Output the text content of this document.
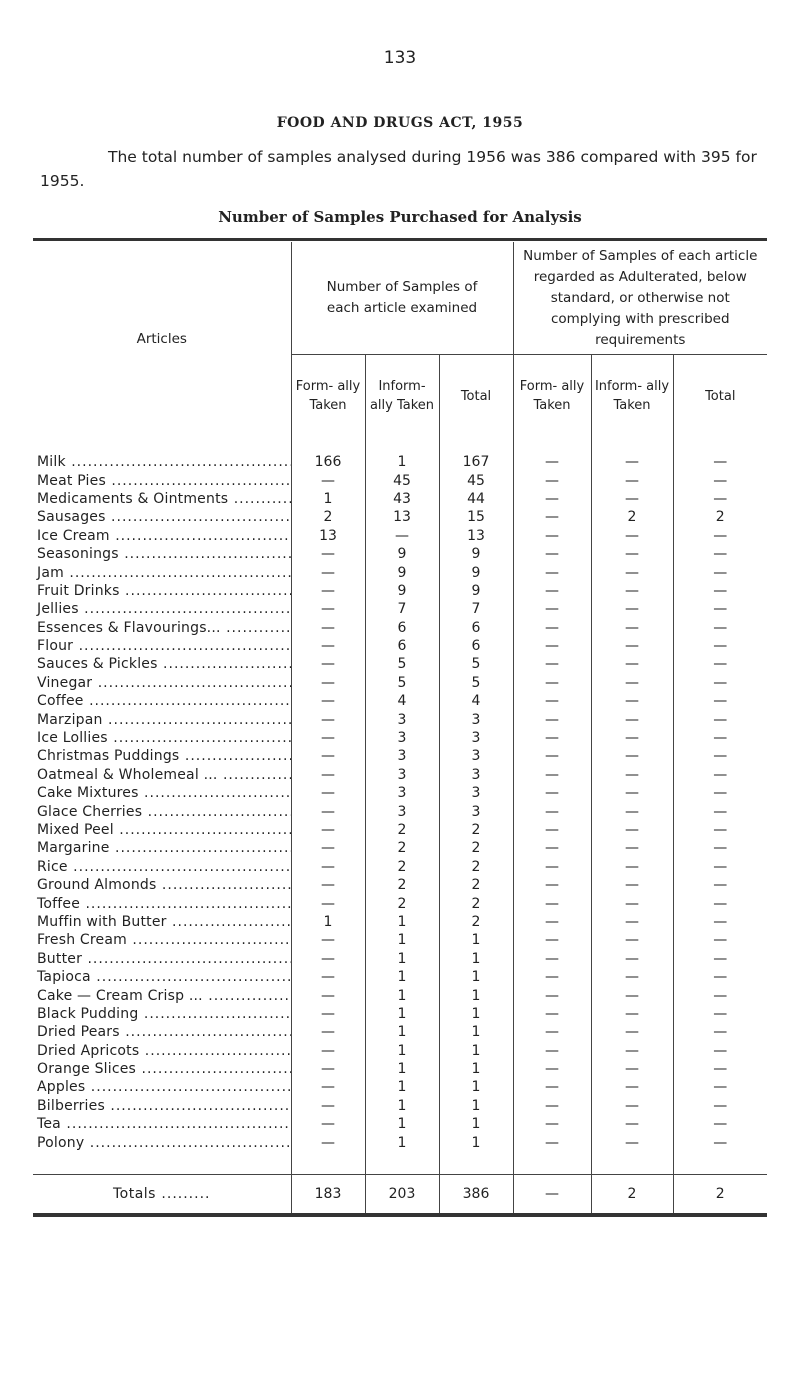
133
FOOD AND DRUGS ACT, 1955
The total number of samples analysed during 1956 was 386 compared with 395 for 1955.
Number of Samples Purchased for Analysis
Articles	Number of Samples of each article examined			Number of Samples of each article regarded as Adulterated, below standard, or otherwise not complying with prescribed requirements		
	Form- ally Taken	Inform- ally Taken	Total	Form- ally Taken	Inform- ally Taken	Total

Milk .....	166	1	167	—	—	—
Meat Pies .....	—	45	45	—	—	—
Medicaments & Ointments .....	1	43	44	—	—	—
Sausages .....	2	13	15	—	2	2
Ice Cream .....	13	—	13	—	—	—
Seasonings .....	—	9	9	—	—	—
Jam .....	—	9	9	—	—	—
Fruit Drinks .....	—	9	9	—	—	—
Jellies .....	—	7	7	—	—	—
Essences & Flavourings... .....	—	6	6	—	—	—
Flour .....	—	6	6	—	—	—
Sauces & Pickles .....	—	5	5	—	—	—
Vinegar .....	—	5	5	—	—	—
Coffee .....	—	4	4	—	—	—
Marzipan .....	—	3	3	—	—	—
Ice Lollies .....	—	3	3	—	—	—
Christmas Puddings .....	—	3	3	—	—	—
Oatmeal & Wholemeal ... .....	—	3	3	—	—	—
Cake Mixtures .....	—	3	3	—	—	—
Glace Cherries .....	—	3	3	—	—	—
Mixed Peel .....	—	2	2	—	—	—
Margarine .....	—	2	2	—	—	—
Rice .....	—	2	2	—	—	—
Ground Almonds .....	—	2	2	—	—	—
Toffee .....	—	2	2	—	—	—
Muffin with Butter .....	1	1	2	—	—	—
Fresh Cream .....	—	1	1	—	—	—
Butter .....	—	1	1	—	—	—
Tapioca .....	—	1	1	—	—	—
Cake — Cream Crisp ... .....	—	1	1	—	—	—
Black Pudding .....	—	1	1	—	—	—
Dried Pears .....	—	1	1	—	—	—
Dried Apricots .....	—	1	1	—	—	—
Orange Slices .....	—	1	1	—	—	—
Apples .....	—	1	1	—	—	—
Bilberries .....	—	1	1	—	—	—
Tea .....	—	1	1	—	—	—
Polony .....	—	1	1	—	—	—

Totals .....	183	203	386	—	2	2
